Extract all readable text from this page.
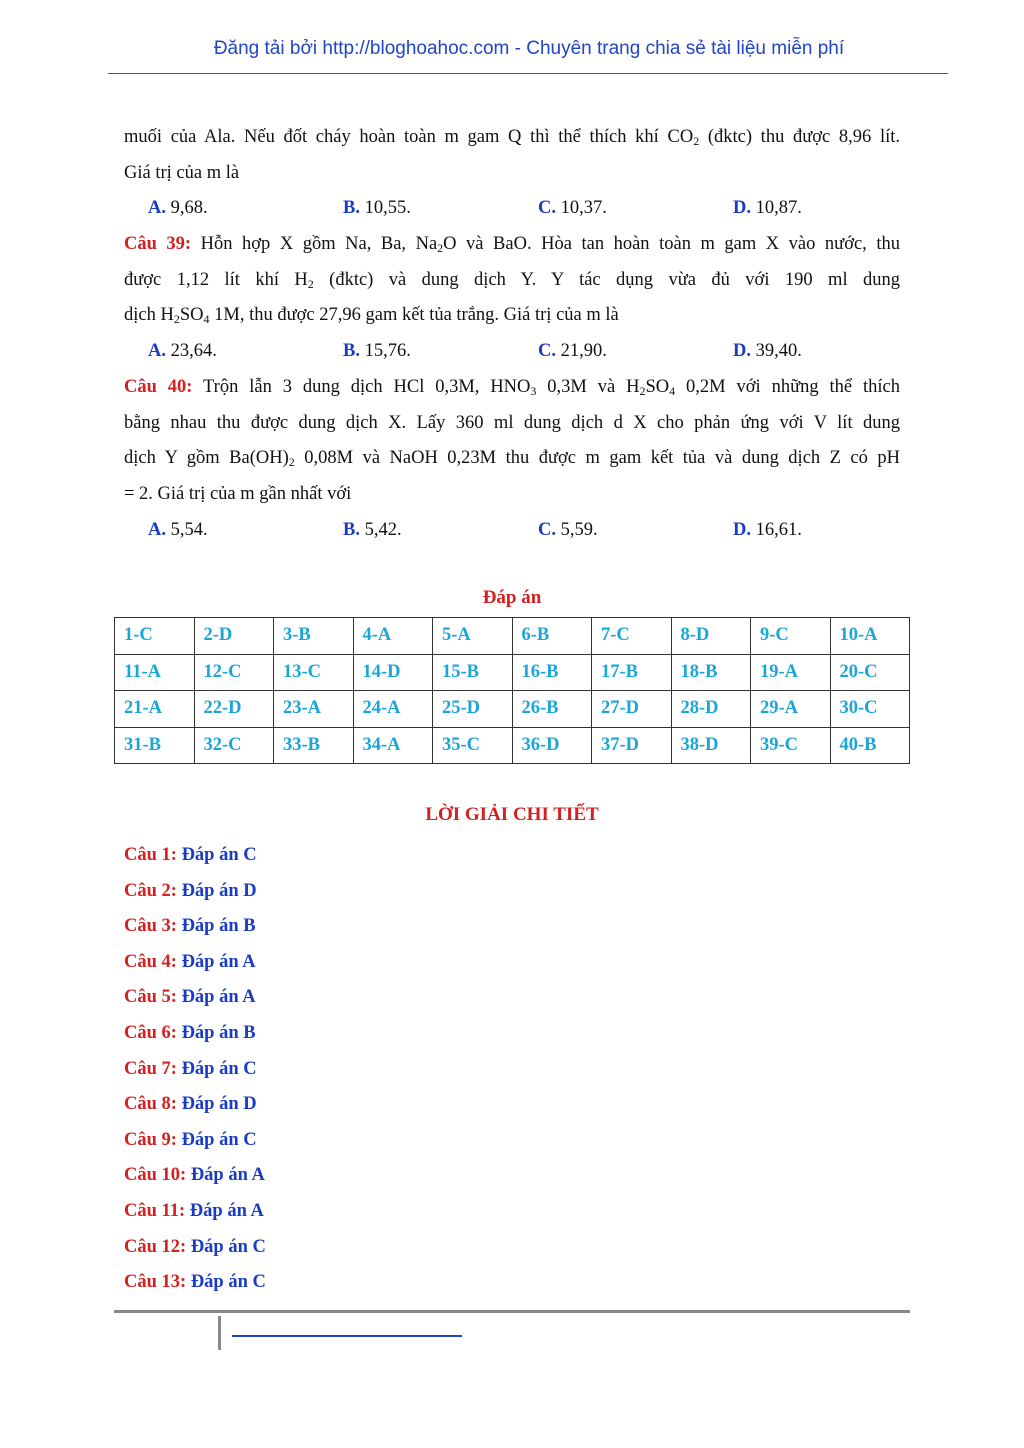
Đăng tải bởi http://bloghoahoc.com - Chuyên trang chia sẻ tài liệu miễn phí
muối của Ala. Nếu đốt cháy hoàn toàn m gam Q thì thể thích khí $CO_2$ (đktc) thu được 8,96 lít.
Giá trị của m là
A. 9,68.	B. 10,55.	C. 10,37.	D. 10,87.
Câu 39: Hỗn hợp X gồm Na, Ba, $Na_2O$ và BaO. Hòa tan hoàn toàn m gam X vào nước, thu
được 1,12 lít khí $H_2$ (đktc) và dung dịch Y. Y tác dụng vừa đủ với 190 ml dung
dịch $H_2SO_4$ 1M, thu được 27,96 gam kết tủa trắng. Giá trị của m là
A. 23,64.	B. 15,76.	C. 21,90.	D. 39,40.
Câu 40: Trộn lẫn 3 dung dịch HCl 0,3M, $HNO_3$ 0,3M và $H_2SO_4$ 0,2M với những thể thích
bằng nhau thu được dung dịch X. Lấy 360 ml dung dịch d X cho phản ứng với V lít dung
dịch Y gồm $Ba(OH)_2$ 0,08M và NaOH 0,23M thu được m gam kết tủa và dung dịch Z có pH
= 2. Giá trị của m gần nhất với
A. 5,54.	B. 5,42.	C. 5,59.	D. 16,61.
Đáp án
1-C	2-D	3-B	4-A	5-A	6-B	7-C	8-D	9-C	10-A
11-A	12-C	13-C	14-D	15-B	16-B	17-B	18-B	19-A	20-C
21-A	22-D	23-A	24-A	25-D	26-B	27-D	28-D	29-A	30-C
31-B	32-C	33-B	34-A	35-C	36-D	37-D	38-D	39-C	40-B
LỜI GIẢI CHI TIẾT
Câu 1: Đáp án C
Câu 2: Đáp án D
Câu 3: Đáp án B
Câu 4: Đáp án A
Câu 5: Đáp án A
Câu 6: Đáp án B
Câu 7: Đáp án C
Câu 8: Đáp án D
Câu 9: Đáp án C
Câu 10: Đáp án A
Câu 11: Đáp án A
Câu 12: Đáp án C
Câu 13: Đáp án C
